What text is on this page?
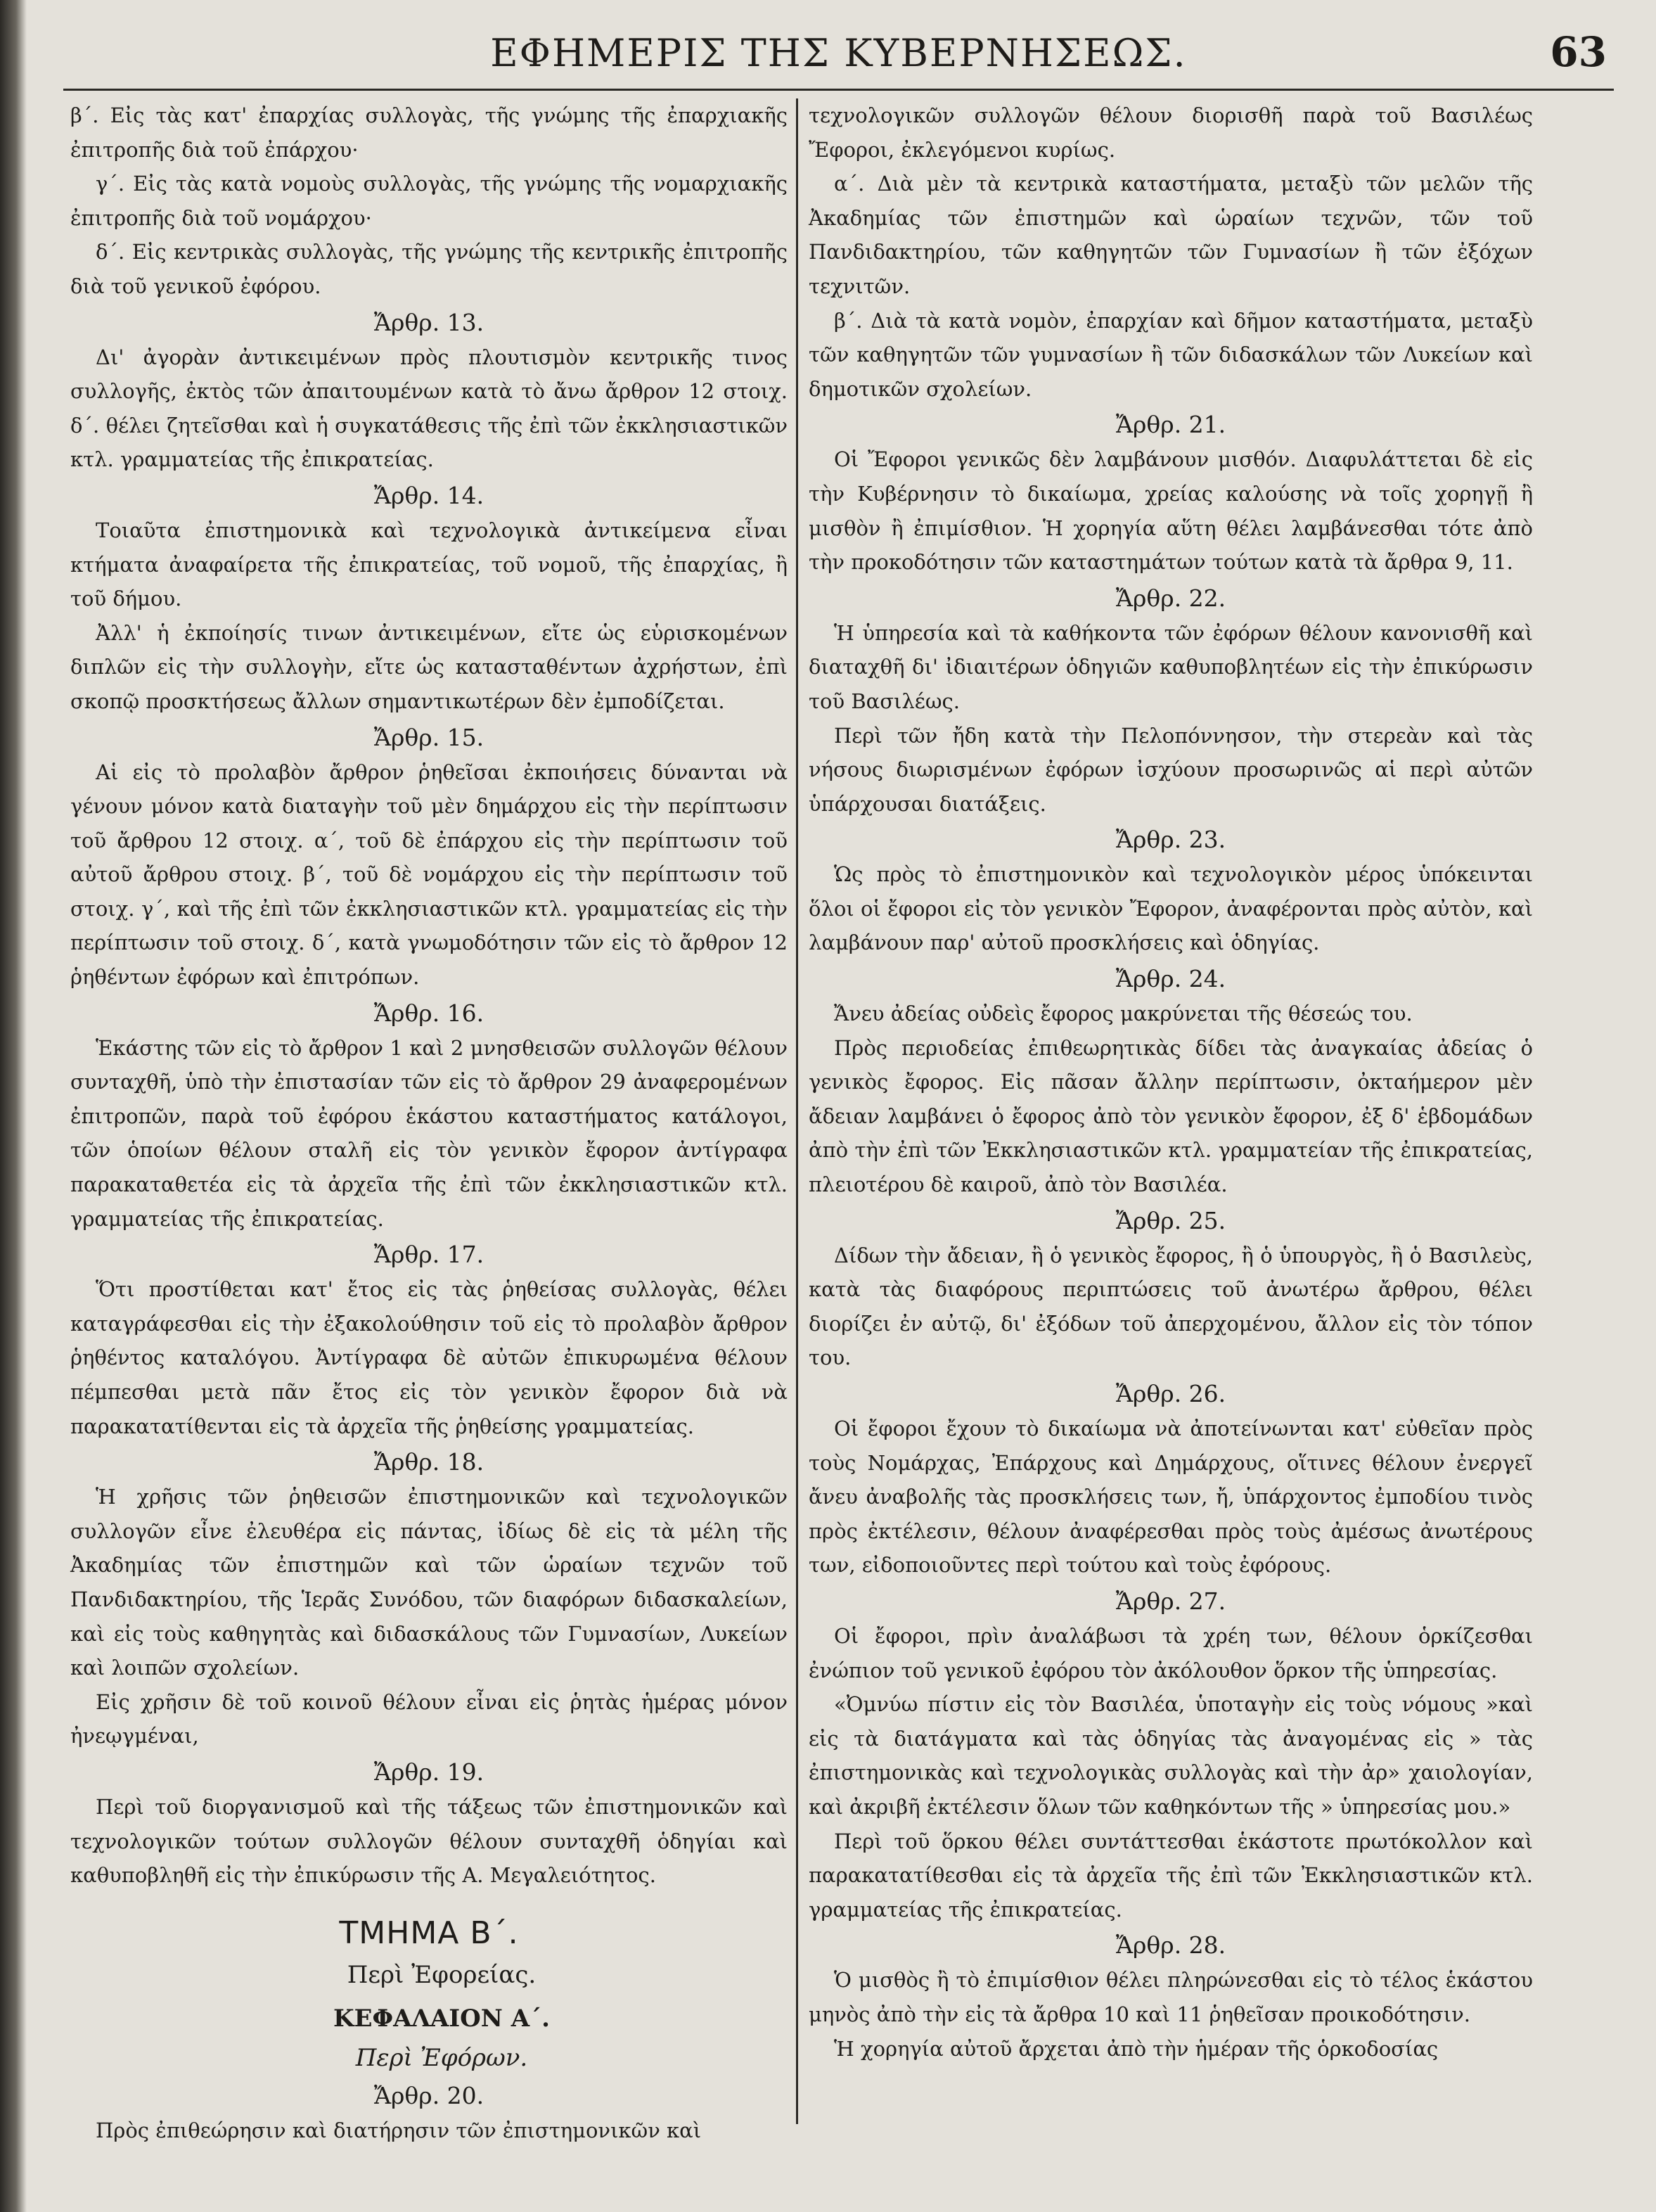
ΕΦΗΜΕΡΙΣ ΤΗΣ ΚΥΒΕΡΝΗΣΕΩΣ.	63

β΄. Εἰς τὰς κατ' ἐπαρχίας συλλογὰς, τῆς γνώμης τῆς ἐπαρχιακῆς ἐπιτροπῆς διὰ τοῦ ἐπάρχου·

γ΄. Εἰς τὰς κατὰ νομοὺς συλλογὰς, τῆς γνώμης τῆς νομαρχιακῆς ἐπιτροπῆς διὰ τοῦ νομάρχου·

δ΄. Εἰς κεντρικὰς συλλογὰς, τῆς γνώμης τῆς κεντρικῆς ἐπιτροπῆς διὰ τοῦ γενικοῦ ἐφόρου.

Ἄρθρ. 13.

Δι' ἀγορὰν ἀντικειμένων πρὸς πλουτισμὸν κεντρικῆς τινος συλλογῆς, ἐκτὸς τῶν ἀπαιτουμένων κατὰ τὸ ἄνω ἄρθρον 12 στοιχ. δ΄. θέλει ζητεῖσθαι καὶ ἡ συγκατάθεσις τῆς ἐπὶ τῶν ἐκκλησιαστικῶν κτλ. γραμματείας τῆς ἐπικρατείας.

Ἄρθρ. 14.

Τοιαῦτα ἐπιστημονικὰ καὶ τεχνολογικὰ ἀντικείμενα εἶναι κτήματα ἀναφαίρετα τῆς ἐπικρατείας, τοῦ νομοῦ, τῆς ἐπαρχίας, ἢ τοῦ δήμου.

Ἀλλ' ἡ ἐκποίησίς τινων ἀντικειμένων, εἴτε ὡς εὑρισκομένων διπλῶν εἰς τὴν συλλογὴν, εἴτε ὡς κατασταθέντων ἀχρήστων, ἐπὶ σκοπῷ προσκτήσεως ἄλλων σημαντικωτέρων δὲν ἐμποδίζεται.

Ἄρθρ. 15.

Αἱ εἰς τὸ προλαβὸν ἄρθρον ῥηθεῖσαι ἐκποιήσεις δύνανται νὰ γένουν μόνον κατὰ διαταγὴν τοῦ μὲν δημάρχου εἰς τὴν περίπτωσιν τοῦ ἄρθρου 12 στοιχ. α΄, τοῦ δὲ ἐπάρχου εἰς τὴν περίπτωσιν τοῦ αὐτοῦ ἄρθρου στοιχ. β΄, τοῦ δὲ νομάρχου εἰς τὴν περίπτωσιν τοῦ στοιχ. γ΄, καὶ τῆς ἐπὶ τῶν ἐκκλησιαστικῶν κτλ. γραμματείας εἰς τὴν περίπτωσιν τοῦ στοιχ. δ΄, κατὰ γνωμοδότησιν τῶν εἰς τὸ ἄρθρον 12 ῥηθέντων ἐφόρων καὶ ἐπιτρόπων.

Ἄρθρ. 16.

Ἑκάστης τῶν εἰς τὸ ἄρθρον 1 καὶ 2 μνησθεισῶν συλλογῶν θέλουν συνταχθῆ, ὑπὸ τὴν ἐπιστασίαν τῶν εἰς τὸ ἄρθρον 29 ἀναφερομένων ἐπιτροπῶν, παρὰ τοῦ ἐφόρου ἑκάστου καταστήματος κατάλογοι, τῶν ὁποίων θέλουν σταλῆ εἰς τὸν γενικὸν ἔφορον ἀντίγραφα παρακαταθετέα εἰς τὰ ἀρχεῖα τῆς ἐπὶ τῶν ἐκκλησιαστικῶν κτλ. γραμματείας τῆς ἐπικρατείας.

Ἄρθρ. 17.

Ὅτι προστίθεται κατ' ἔτος εἰς τὰς ῥηθείσας συλλογὰς, θέλει καταγράφεσθαι εἰς τὴν ἐξακολούθησιν τοῦ εἰς τὸ προλαβὸν ἄρθρον ῥηθέντος καταλόγου. Ἀντίγραφα δὲ αὐτῶν ἐπικυρωμένα θέλουν πέμπεσθαι μετὰ πᾶν ἔτος εἰς τὸν γενικὸν ἔφορον διὰ νὰ παρακατατίθενται εἰς τὰ ἀρχεῖα τῆς ῥηθείσης γραμματείας.

Ἄρθρ. 18.

Ἡ χρῆσις τῶν ῥηθεισῶν ἐπιστημονικῶν καὶ τεχνολογικῶν συλλογῶν εἶνε ἐλευθέρα εἰς πάντας, ἰδίως δὲ εἰς τὰ μέλη τῆς Ἀκαδημίας τῶν ἐπιστημῶν καὶ τῶν ὡραίων τεχνῶν τοῦ Πανδιδακτηρίου, τῆς Ἱερᾶς Συνόδου, τῶν διαφόρων διδασκαλείων, καὶ εἰς τοὺς καθηγητὰς καὶ διδασκάλους τῶν Γυμνασίων, Λυκείων καὶ λοιπῶν σχολείων.

Εἰς χρῆσιν δὲ τοῦ κοινοῦ θέλουν εἶναι εἰς ῥητὰς ἡμέρας μόνον ἠνεῳγμέναι,

Ἄρθρ. 19.

Περὶ τοῦ διοργανισμοῦ καὶ τῆς τάξεως τῶν ἐπιστημονικῶν καὶ τεχνολογικῶν τούτων συλλογῶν θέλουν συνταχθῆ ὁδηγίαι καὶ καθυποβληθῆ εἰς τὴν ἐπικύρωσιν τῆς Α. Μεγαλειότητος.

ΤΜΗΜΑ Β΄.

Περὶ Ἐφορείας.

ΚΕΦΑΛΑΙΟΝ Α΄.

Περὶ Ἐφόρων.

Ἄρθρ. 20.

Πρὸς ἐπιθεώρησιν καὶ διατήρησιν τῶν ἐπιστημονικῶν καὶ

τεχνολογικῶν συλλογῶν θέλουν διορισθῆ παρὰ τοῦ Βασιλέως Ἔφοροι, ἐκλεγόμενοι κυρίως.

α΄. Διὰ μὲν τὰ κεντρικὰ καταστήματα, μεταξὺ τῶν μελῶν τῆς Ἀκαδημίας τῶν ἐπιστημῶν καὶ ὡραίων τεχνῶν, τῶν τοῦ Πανδιδακτηρίου, τῶν καθηγητῶν τῶν Γυμνασίων ἢ τῶν ἐξόχων τεχνιτῶν.

β΄. Διὰ τὰ κατὰ νομὸν, ἐπαρχίαν καὶ δῆμον καταστήματα, μεταξὺ τῶν καθηγητῶν τῶν γυμνασίων ἢ τῶν διδασκάλων τῶν Λυκείων καὶ δημοτικῶν σχολείων.

Ἄρθρ. 21.

Οἱ Ἔφοροι γενικῶς δὲν λαμβάνουν μισθόν. Διαφυλάττεται δὲ εἰς τὴν Κυβέρνησιν τὸ δικαίωμα, χρείας καλούσης νὰ τοῖς χορηγῇ ἢ μισθὸν ἢ ἐπιμίσθιον. Ἡ χορηγία αὕτη θέλει λαμβάνεσθαι τότε ἀπὸ τὴν προκοδότησιν τῶν καταστημάτων τούτων κατὰ τὰ ἄρθρα 9, 11.

Ἄρθρ. 22.

Ἡ ὑπηρεσία καὶ τὰ καθήκοντα τῶν ἐφόρων θέλουν κανονισθῆ καὶ διαταχθῆ δι' ἰδιαιτέρων ὁδηγιῶν καθυποβλητέων εἰς τὴν ἐπικύρωσιν τοῦ Βασιλέως.

Περὶ τῶν ἤδη κατὰ τὴν Πελοπόννησον, τὴν στερεὰν καὶ τὰς νήσους διωρισμένων ἐφόρων ἰσχύουν προσωρινῶς αἱ περὶ αὐτῶν ὑπάρχουσαι διατάξεις.

Ἄρθρ. 23.

Ὡς πρὸς τὸ ἐπιστημονικὸν καὶ τεχνολογικὸν μέρος ὑπόκεινται ὅλοι οἱ ἔφοροι εἰς τὸν γενικὸν Ἔφορον, ἀναφέρονται πρὸς αὐτὸν, καὶ λαμβάνουν παρ' αὐτοῦ προσκλήσεις καὶ ὁδηγίας.

Ἄρθρ. 24.

Ἄνευ ἀδείας οὐδεὶς ἔφορος μακρύνεται τῆς θέσεώς του.

Πρὸς περιοδείας ἐπιθεωρητικὰς δίδει τὰς ἀναγκαίας ἀδείας ὁ γενικὸς ἔφορος. Εἰς πᾶσαν ἄλλην περίπτωσιν, ὀκταήμερον μὲν ἄδειαν λαμβάνει ὁ ἔφορος ἀπὸ τὸν γενικὸν ἔφορον, ἐξ δ' ἑβδομάδων ἀπὸ τὴν ἐπὶ τῶν Ἐκκλησιαστικῶν κτλ. γραμματείαν τῆς ἐπικρατείας, πλειοτέρου δὲ καιροῦ, ἀπὸ τὸν Βασιλέα.

Ἄρθρ. 25.

Δίδων τὴν ἄδειαν, ἢ ὁ γενικὸς ἔφορος, ἢ ὁ ὑπουργὸς, ἢ ὁ Βασιλεὺς, κατὰ τὰς διαφόρους περιπτώσεις τοῦ ἀνωτέρω ἄρθρου, θέλει διορίζει ἐν αὐτῷ, δι' ἐξόδων τοῦ ἀπερχομένου, ἄλλον εἰς τὸν τόπον του.

Ἄρθρ. 26.

Οἱ ἔφοροι ἔχουν τὸ δικαίωμα νὰ ἀποτείνωνται κατ' εὐθεῖαν πρὸς τοὺς Νομάρχας, Ἐπάρχους καὶ Δημάρχους, οἵτινες θέλουν ἐνεργεῖ ἄνευ ἀναβολῆς τὰς προσκλήσεις των, ἤ, ὑπάρχοντος ἐμποδίου τινὸς πρὸς ἐκτέλεσιν, θέλουν ἀναφέρεσθαι πρὸς τοὺς ἀμέσως ἀνωτέρους των, εἰδοποιοῦντες περὶ τούτου καὶ τοὺς ἐφόρους.

Ἄρθρ. 27.

Οἱ ἔφοροι, πρὶν ἀναλάβωσι τὰ χρέη των, θέλουν ὁρκίζεσθαι ἐνώπιον τοῦ γενικοῦ ἐφόρου τὸν ἀκόλουθον ὅρκον τῆς ὑπηρεσίας.

«Ὀμνύω πίστιν εἰς τὸν Βασιλέα, ὑποταγὴν εἰς τοὺς νόμους »καὶ εἰς τὰ διατάγματα καὶ τὰς ὁδηγίας τὰς ἀναγομένας εἰς » τὰς ἐπιστημονικὰς καὶ τεχνολογικὰς συλλογὰς καὶ τὴν ἀρ» χαιολογίαν, καὶ ἀκριβῆ ἐκτέλεσιν ὅλων τῶν καθηκόντων τῆς » ὑπηρεσίας μου.»

Περὶ τοῦ ὅρκου θέλει συντάττεσθαι ἑκάστοτε πρωτόκολλον καὶ παρακατατίθεσθαι εἰς τὰ ἀρχεῖα τῆς ἐπὶ τῶν Ἐκκλησιαστικῶν κτλ. γραμματείας τῆς ἐπικρατείας.

Ἄρθρ. 28.

Ὁ μισθὸς ἢ τὸ ἐπιμίσθιον θέλει πληρώνεσθαι εἰς τὸ τέλος ἑκάστου μηνὸς ἀπὸ τὴν εἰς τὰ ἄρθρα 10 καὶ 11 ῥηθεῖσαν προικοδότησιν.

Ἡ χορηγία αὐτοῦ ἄρχεται ἀπὸ τὴν ἡμέραν τῆς ὁρκοδοσίας
